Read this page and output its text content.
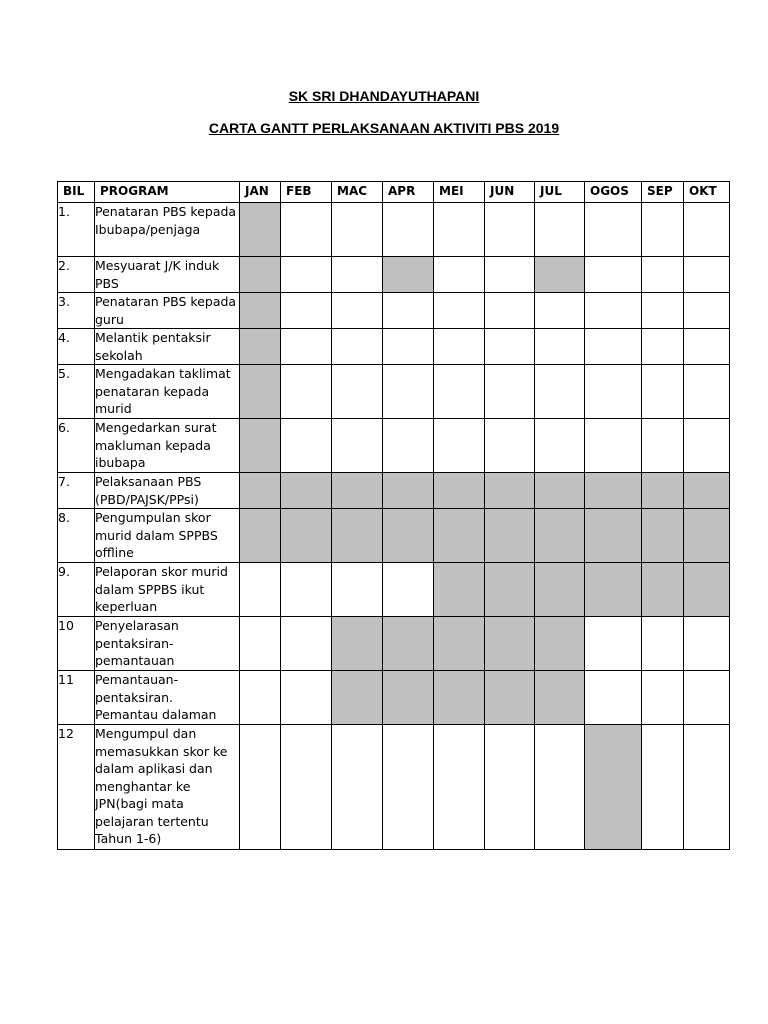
SK SRI DHANDAYUTHAPANI
CARTA GANTT PERLAKSANAAN AKTIVITI PBS 2019
BIL	PROGRAM	JAN	FEB	MAC	APR	MEI	JUN	JUL	OGOS	SEP	OKT
1.	Penataran PBS kepada Ibubapa/penjaga										
2.	Mesyuarat J/K induk PBS										
3.	Penataran PBS kepada guru										
4.	Melantik pentaksir sekolah										
5.	Mengadakan taklimat penataran kepada murid										
6.	Mengedarkan surat makluman kepada ibubapa										
7.	Pelaksanaan PBS (PBD/PAJSK/PPsi)										
8.	Pengumpulan skor murid dalam SPPBS offline										
9.	Pelaporan skor murid dalam SPPBS ikut keperluan										
10	Penyelarasan pentaksiran-pemantauan										
11	Pemantauan-pentaksiran. Pemantau dalaman										
12	Mengumpul dan memasukkan skor ke dalam aplikasi dan menghantar ke JPN(bagi mata pelajaran tertentu Tahun 1-6)										
